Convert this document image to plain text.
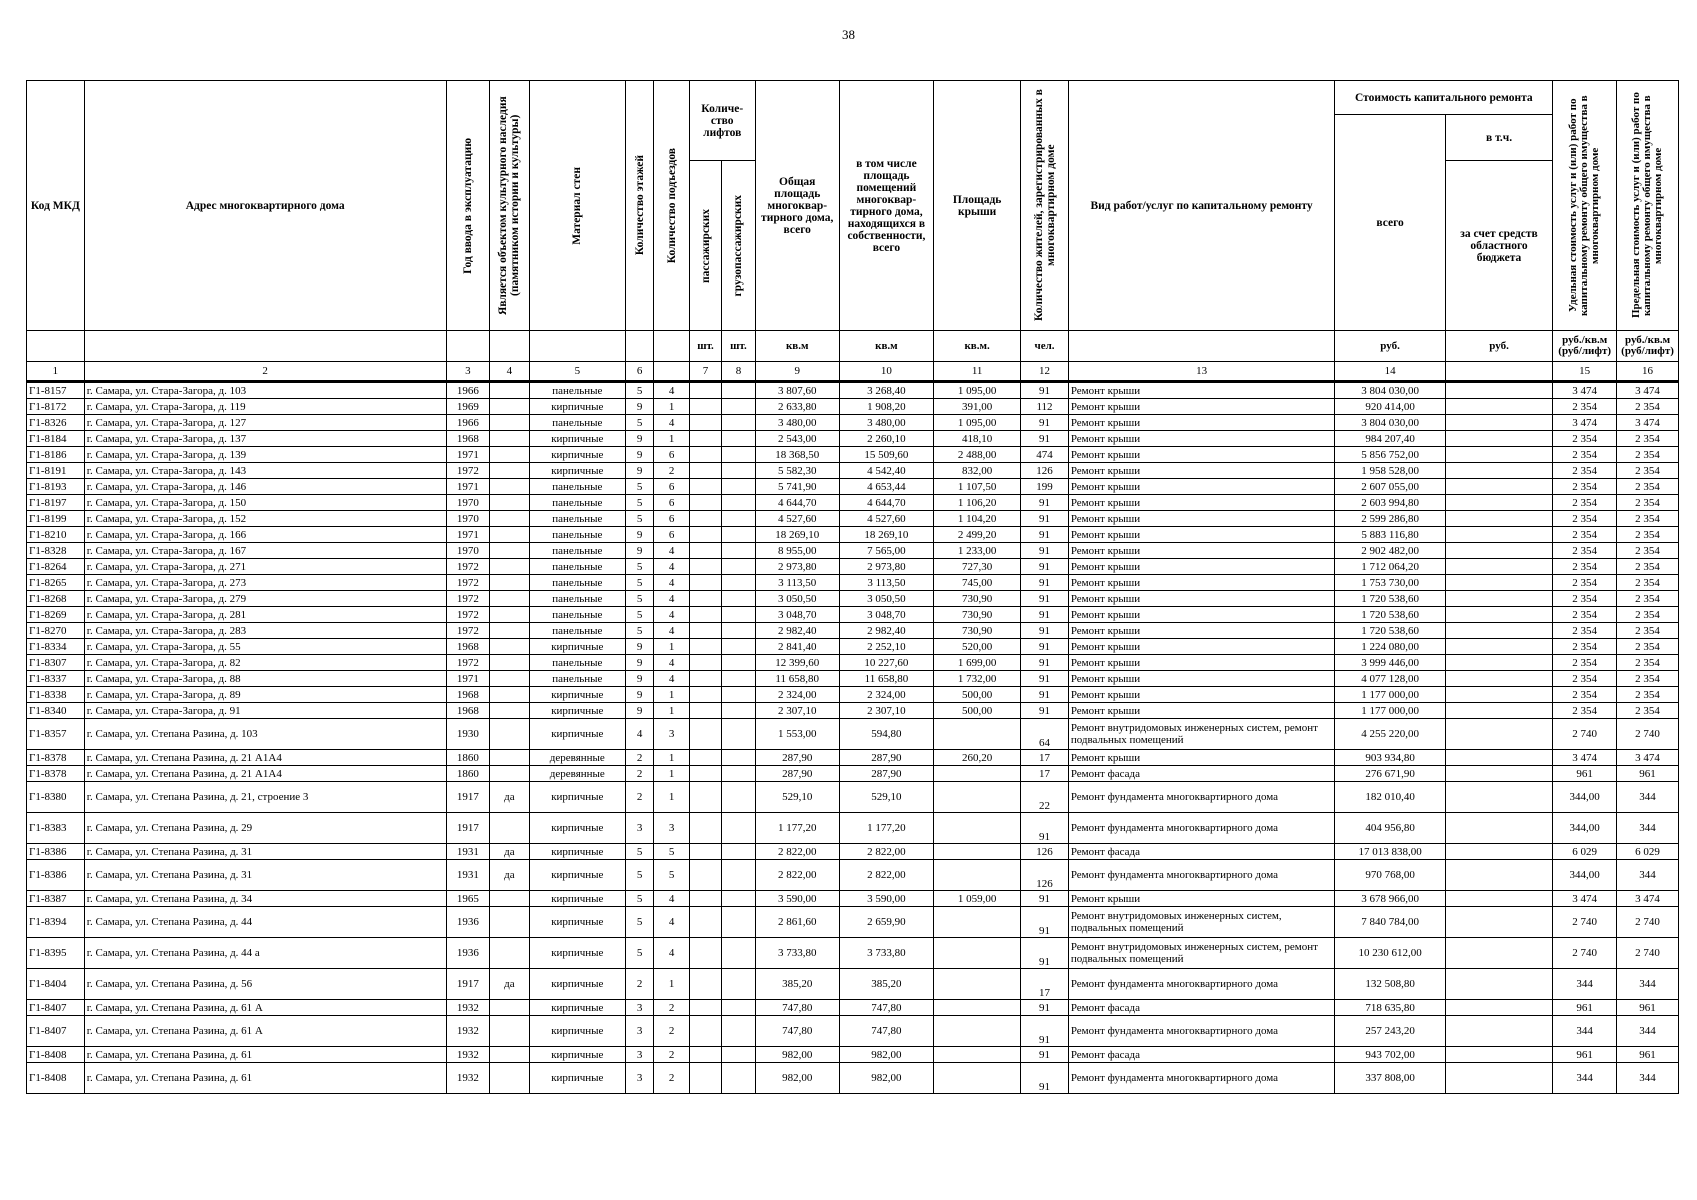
38
Код МКД	Адрес многоквартирного дома	Год ввода в эксплуатацию	Является объектом культурного наследия (памятником истории и культуры)	Материал стен	Количество этажей	Количество подъездов	Количе-ство лифтов		Общая площадь многоквар-тирного дома, всего	в том числе площадь помещений многоквар-тирного дома, находящихся в собственности, всего	Площадь крыши	Количество жителей, зарегистрированных в многоквартирном доме	Вид работ/услуг по капитальному ремонту	Стоимость капитального ремонта		Удельная стоимость услуг и (или) работ по капитальному ремонту общего имущества в многоквартирном доме	Предельная стоимость услуг и (или) работ по капитальному ремонту общего имущества в многоквартирном доме

														всего	в т.ч.		

							пассажирских	грузопассажирских							за счет средств областного бюджета		
							шт.	шт.	кв.м	кв.м	кв.м.	чел.		руб.	руб.	руб./кв.м (руб/лифт)	руб./кв.м (руб/лифт)
1	2	3	4	5	6		7	8	9	10	11	12	13	14		15	16
Г1-8157	г. Самара, ул. Стара-Загора, д. 103	1966		панельные	5	4			3 807,60	3 268,40	1 095,00	91	Ремонт крыши	3 804 030,00		3 474	3 474
Г1-8172	г. Самара, ул. Стара-Загора, д. 119	1969		кирпичные	9	1			2 633,80	1 908,20	391,00	112	Ремонт крыши	920 414,00		2 354	2 354
Г1-8326	г. Самара, ул. Стара-Загора, д. 127	1966		панельные	5	4			3 480,00	3 480,00	1 095,00	91	Ремонт крыши	3 804 030,00		3 474	3 474
Г1-8184	г. Самара, ул. Стара-Загора, д. 137	1968		кирпичные	9	1			2 543,00	2 260,10	418,10	91	Ремонт крыши	984 207,40		2 354	2 354
Г1-8186	г. Самара, ул. Стара-Загора, д. 139	1971		кирпичные	9	6			18 368,50	15 509,60	2 488,00	474	Ремонт крыши	5 856 752,00		2 354	2 354
Г1-8191	г. Самара, ул. Стара-Загора, д. 143	1972		кирпичные	9	2			5 582,30	4 542,40	832,00	126	Ремонт крыши	1 958 528,00		2 354	2 354
Г1-8193	г. Самара, ул. Стара-Загора, д. 146	1971		панельные	5	6			5 741,90	4 653,44	1 107,50	199	Ремонт крыши	2 607 055,00		2 354	2 354
Г1-8197	г. Самара, ул. Стара-Загора, д. 150	1970		панельные	5	6			4 644,70	4 644,70	1 106,20	91	Ремонт крыши	2 603 994,80		2 354	2 354
Г1-8199	г. Самара, ул. Стара-Загора, д. 152	1970		панельные	5	6			4 527,60	4 527,60	1 104,20	91	Ремонт крыши	2 599 286,80		2 354	2 354
Г1-8210	г. Самара, ул. Стара-Загора, д. 166	1971		панельные	9	6			18 269,10	18 269,10	2 499,20	91	Ремонт крыши	5 883 116,80		2 354	2 354
Г1-8328	г. Самара, ул. Стара-Загора, д. 167	1970		панельные	9	4			8 955,00	7 565,00	1 233,00	91	Ремонт крыши	2 902 482,00		2 354	2 354
Г1-8264	г. Самара, ул. Стара-Загора, д. 271	1972		панельные	5	4			2 973,80	2 973,80	727,30	91	Ремонт крыши	1 712 064,20		2 354	2 354
Г1-8265	г. Самара, ул. Стара-Загора, д. 273	1972		панельные	5	4			3 113,50	3 113,50	745,00	91	Ремонт крыши	1 753 730,00		2 354	2 354
Г1-8268	г. Самара, ул. Стара-Загора, д. 279	1972		панельные	5	4			3 050,50	3 050,50	730,90	91	Ремонт крыши	1 720 538,60		2 354	2 354
Г1-8269	г. Самара, ул. Стара-Загора, д. 281	1972		панельные	5	4			3 048,70	3 048,70	730,90	91	Ремонт крыши	1 720 538,60		2 354	2 354
Г1-8270	г. Самара, ул. Стара-Загора, д. 283	1972		панельные	5	4			2 982,40	2 982,40	730,90	91	Ремонт крыши	1 720 538,60		2 354	2 354
Г1-8334	г. Самара, ул. Стара-Загора, д. 55	1968		кирпичные	9	1			2 841,40	2 252,10	520,00	91	Ремонт крыши	1 224 080,00		2 354	2 354
Г1-8307	г. Самара, ул. Стара-Загора, д. 82	1972		панельные	9	4			12 399,60	10 227,60	1 699,00	91	Ремонт крыши	3 999 446,00		2 354	2 354
Г1-8337	г. Самара, ул. Стара-Загора, д. 88	1971		панельные	9	4			11 658,80	11 658,80	1 732,00	91	Ремонт крыши	4 077 128,00		2 354	2 354
Г1-8338	г. Самара, ул. Стара-Загора, д. 89	1968		кирпичные	9	1			2 324,00	2 324,00	500,00	91	Ремонт крыши	1 177 000,00		2 354	2 354
Г1-8340	г. Самара, ул. Стара-Загора, д. 91	1968		кирпичные	9	1			2 307,10	2 307,10	500,00	91	Ремонт крыши	1 177 000,00		2 354	2 354
Г1-8357	г. Самара, ул. Степана Разина, д. 103	1930		кирпичные	4	3			1 553,00	594,80		64	Ремонт внутридомовых инженерных систем, ремонт подвальных помещений	4 255 220,00		2 740	2 740
Г1-8378	г. Самара, ул. Степана Разина, д. 21 А1А4	1860		деревянные	2	1			287,90	287,90	260,20	17	Ремонт крыши	903 934,80		3 474	3 474
Г1-8378	г. Самара, ул. Степана Разина, д. 21 А1А4	1860		деревянные	2	1			287,90	287,90		17	Ремонт фасада	276 671,90		961	961
Г1-8380	г. Самара, ул. Степана Разина, д. 21, строение 3	1917	да	кирпичные	2	1			529,10	529,10		22	Ремонт фундамента многоквартирного дома	182 010,40		344,00	344
Г1-8383	г. Самара, ул. Степана Разина, д. 29	1917		кирпичные	3	3			1 177,20	1 177,20		91	Ремонт фундамента многоквартирного дома	404 956,80		344,00	344
Г1-8386	г. Самара, ул. Степана Разина, д. 31	1931	да	кирпичные	5	5			2 822,00	2 822,00		126	Ремонт фасада	17 013 838,00		6 029	6 029
Г1-8386	г. Самара, ул. Степана Разина, д. 31	1931	да	кирпичные	5	5			2 822,00	2 822,00		126	Ремонт фундамента многоквартирного дома	970 768,00		344,00	344
Г1-8387	г. Самара, ул. Степана Разина, д. 34	1965		кирпичные	5	4			3 590,00	3 590,00	1 059,00	91	Ремонт крыши	3 678 966,00		3 474	3 474
Г1-8394	г. Самара, ул. Степана Разина, д. 44	1936		кирпичные	5	4			2 861,60	2 659,90		91	Ремонт внутридомовых инженерных систем, подвальных помещений	7 840 784,00		2 740	2 740
Г1-8395	г. Самара, ул. Степана Разина, д. 44 а	1936		кирпичные	5	4			3 733,80	3 733,80		91	Ремонт внутридомовых инженерных систем, ремонт подвальных помещений	10 230 612,00		2 740	2 740
Г1-8404	г. Самара, ул. Степана Разина, д. 56	1917	да	кирпичные	2	1			385,20	385,20		17	Ремонт фундамента многоквартирного дома	132 508,80		344	344
Г1-8407	г. Самара, ул. Степана Разина, д. 61 А	1932		кирпичные	3	2			747,80	747,80		91	Ремонт фасада	718 635,80		961	961
Г1-8407	г. Самара, ул. Степана Разина, д. 61 А	1932		кирпичные	3	2			747,80	747,80		91	Ремонт фундамента многоквартирного дома	257 243,20		344	344
Г1-8408	г. Самара, ул. Степана Разина, д. 61	1932		кирпичные	3	2			982,00	982,00		91	Ремонт фасада	943 702,00		961	961
Г1-8408	г. Самара, ул. Степана Разина, д. 61	1932		кирпичные	3	2			982,00	982,00		91	Ремонт фундамента многоквартирного дома	337 808,00		344	344
